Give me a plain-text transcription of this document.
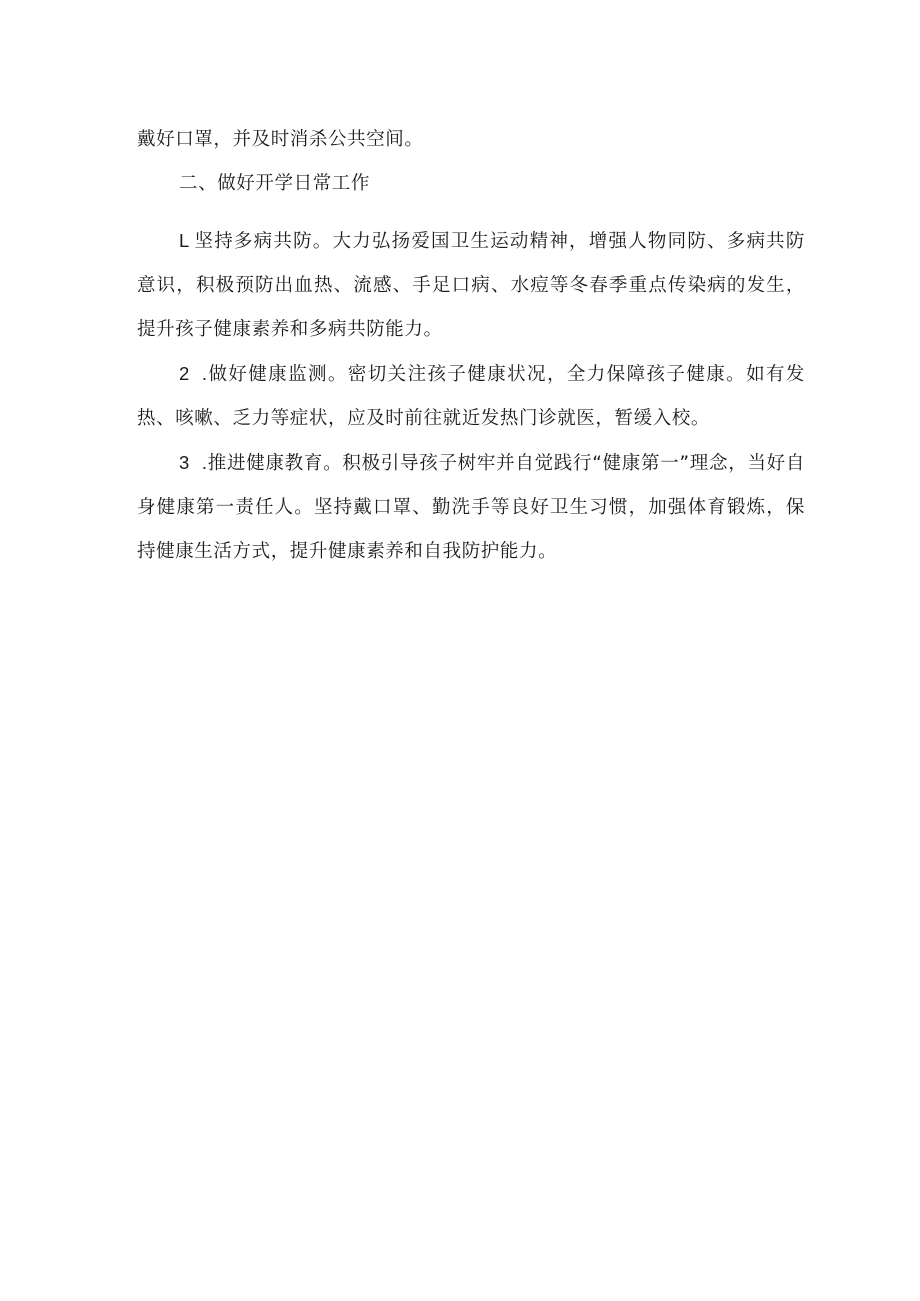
戴好口罩，并及时消杀公共空间。

二、做好开学日常工作

L 坚持多病共防。大力弘扬爱国卫生运动精神，增强人物同防、多病共防意识，积极预防出血热、流感、手足口病、水痘等冬春季重点传染病的发生，提升孩子健康素养和多病共防能力。

2 .做好健康监测。密切关注孩子健康状况，全力保障孩子健康。如有发热、咳嗽、乏力等症状，应及时前往就近发热门诊就医，暂缓入校。

3 .推进健康教育。积极引导孩子树牢并自觉践行“健康第一”理念，当好自身健康第一责任人。坚持戴口罩、勤洗手等良好卫生习惯，加强体育锻炼，保持健康生活方式，提升健康素养和自我防护能力。
